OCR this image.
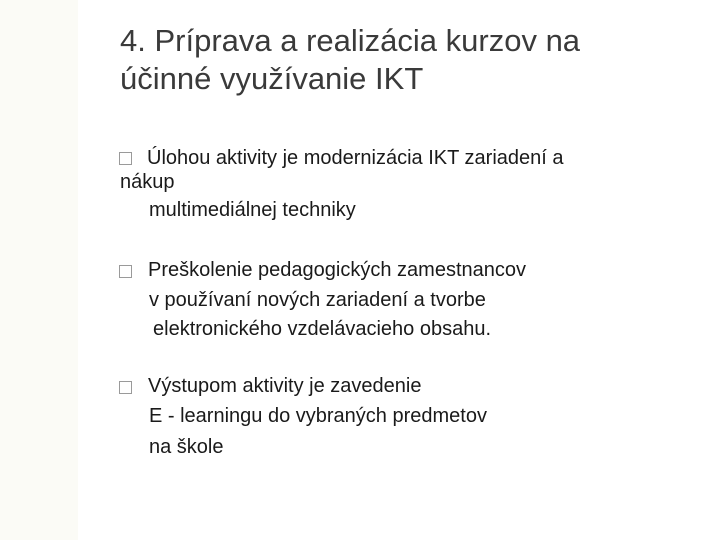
4. Príprava a realizácia kurzov na
účinné využívanie IKT
Úlohou aktivity je modernizácia IKT zariadení a
nákup
multimediálnej techniky
Preškolenie pedagogických zamestnancov
v používaní nových zariadení a tvorbe
elektronického vzdelávacieho obsahu.
Výstupom aktivity je zavedenie
E - learningu do vybraných predmetov
na škole
